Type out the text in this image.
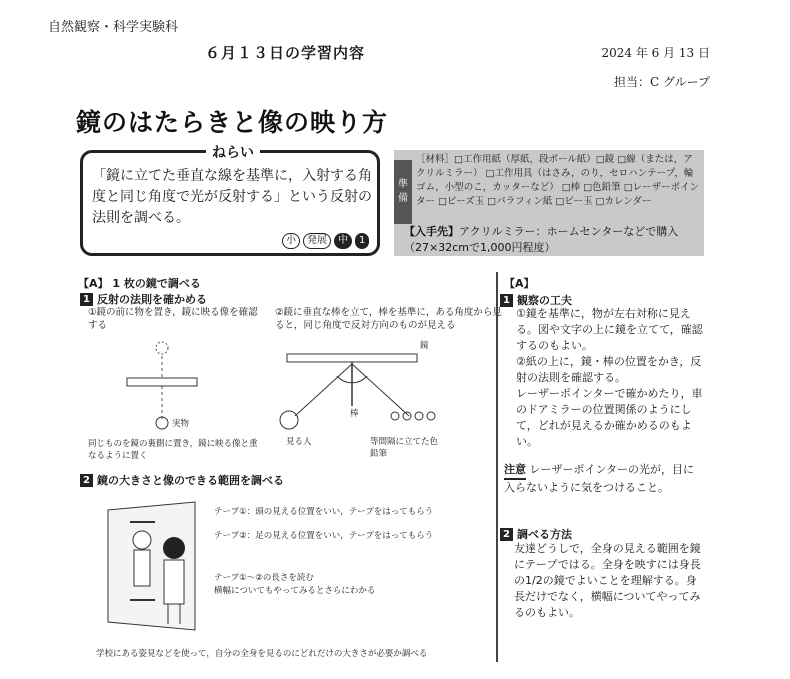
自然観察・科学実験科
６月１３日の学習内容	2024 年 6 月 13 日
担当：C グループ
鏡のはたらきと像の映り方
ねらい
「鏡に立てた垂直な線を基準に，入射する角度と同じ角度で光が反射する」という反射の法則を調べる。
小	発展	中	1
準備
［材料］□工作用紙（厚紙，段ボール紙）□鏡 □線（または，アクリルミラー） □工作用具（はさみ，のり，セロハンテープ，輪ゴム，小型のこ，カッターなど） □棒 □色鉛筆 □レーザーポインター □ビーズ玉 □パラフィン紙 □ビー玉 □カレンダー
【入手先】アクリルミラー：ホームセンターなどで購入（27×32cmで1,000円程度）
【A】 1 枚の鏡で調べる
1 反射の法則を確かめる
①鏡の前に物を置き，鏡に映る像を確認する
②鏡に垂直な棒を立て，棒を基準に，ある角度から見ると，同じ角度で反対方向のものが見える
実物
同じものを鏡の裏側に置き，鏡に映る像と重なるように置く
鏡
棒
見る人	等間隔に立てた色鉛筆
2 鏡の大きさと像のできる範囲を調べる
テープ①：頭の見える位置をいい，テープをはってもらう
テープ②：足の見える位置をいい，テープをはってもらう
テープ①～②の長さを読む
横幅についてもやってみるとさらにわかる
学校にある姿見などを使って，自分の全身を見るのにどれだけの大きさが必要か調べる
【A】
1 観察の工夫

①鏡を基準に，物が左右対称に見える。図や文字の上に鏡を立てて，確認するのもよい。

②紙の上に，鏡・棒の位置をかき，反射の法則を確認する。

レーザーポインターで確かめたり，車のドアミラーの位置関係のようにして，どれが見えるか確かめるのもよい。

注意 レーザーポインターの光が，目に入らないように気をつけること。
2 調べる方法
友達どうしで，全身の見える範囲を鏡にテープではる。全身を映すには身長の1/2の鏡でよいことを理解する。身長だけでなく，横幅についてやってみるのもよい。
